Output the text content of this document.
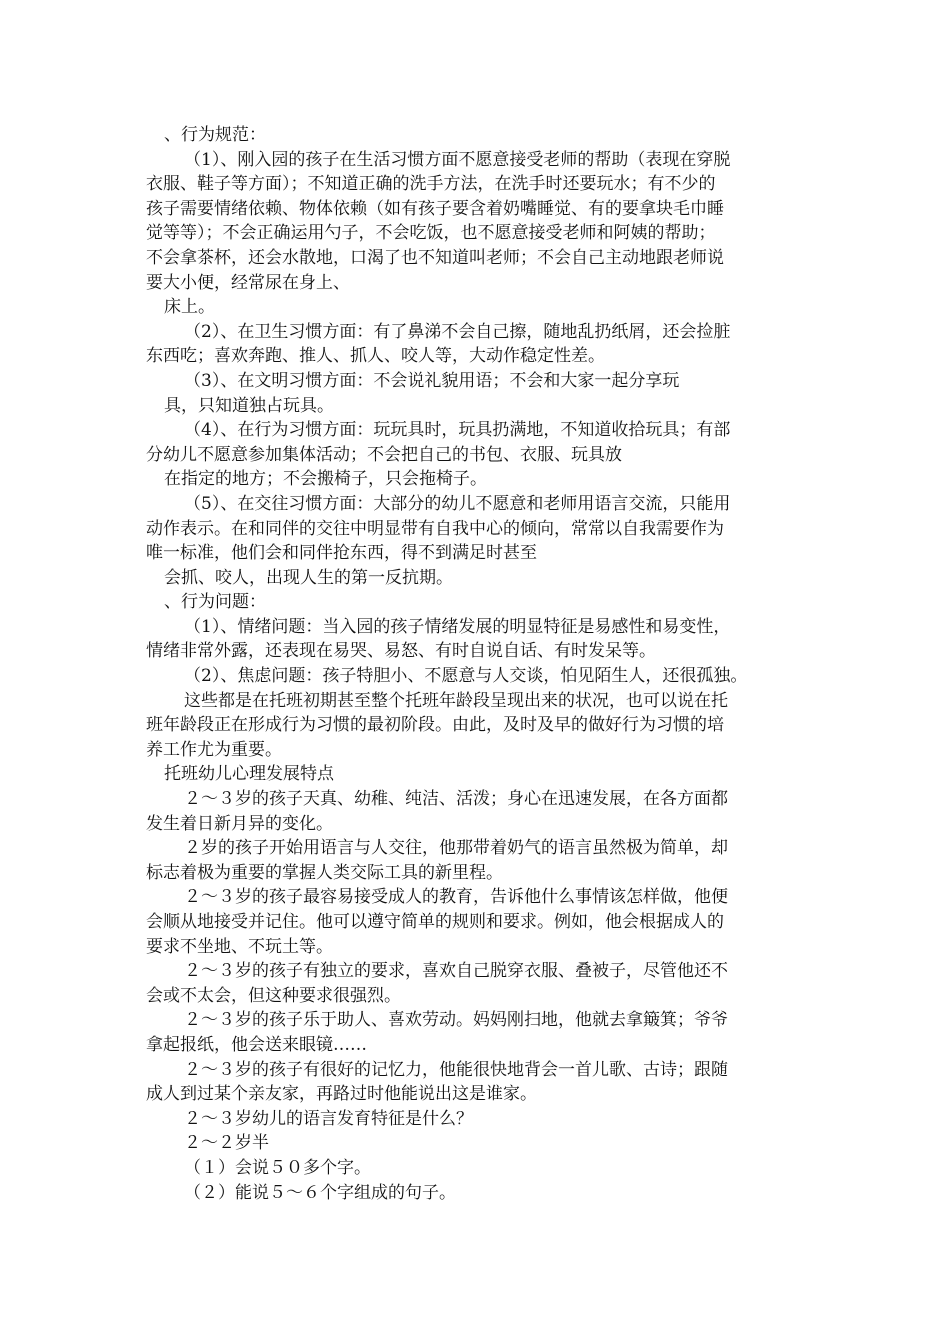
、行为规范：
（1）、刚入园的孩子在生活习惯方面不愿意接受老师的帮助（表现在穿脱
衣服、鞋子等方面）；不知道正确的洗手方法，在洗手时还要玩水；有不少的
孩子需要情绪依赖、物体依赖（如有孩子要含着奶嘴睡觉、有的要拿块毛巾睡
觉等等）；不会正确运用勺子，不会吃饭，也不愿意接受老师和阿姨的帮助；
不会拿茶杯，还会水散地，口渴了也不知道叫老师；不会自己主动地跟老师说
要大小便，经常尿在身上、
床上。
（2）、在卫生习惯方面：有了鼻涕不会自己擦，随地乱扔纸屑，还会捡脏
东西吃；喜欢奔跑、推人、抓人、咬人等，大动作稳定性差。
（3）、在文明习惯方面：不会说礼貌用语；不会和大家一起分享玩
具，只知道独占玩具。
（4）、在行为习惯方面：玩玩具时，玩具扔满地，不知道收拾玩具；有部
分幼儿不愿意参加集体活动；不会把自己的书包、衣服、玩具放
在指定的地方；不会搬椅子，只会拖椅子。
（5）、在交往习惯方面：大部分的幼儿不愿意和老师用语言交流，只能用
动作表示。在和同伴的交往中明显带有自我中心的倾向，常常以自我需要作为
唯一标准，他们会和同伴抢东西，得不到满足时甚至
会抓、咬人，出现人生的第一反抗期。
、行为问题：
（1）、情绪问题：当入园的孩子情绪发展的明显特征是易感性和易变性，
情绪非常外露，还表现在易哭、易怒、有时自说自话、有时发呆等。
（2）、焦虑问题：孩子特胆小、不愿意与人交谈，怕见陌生人，还很孤独。
这些都是在托班初期甚至整个托班年龄段呈现出来的状况，也可以说在托
班年龄段正在形成行为习惯的最初阶段。由此，及时及早的做好行为习惯的培
养工作尤为重要。
托班幼儿心理发展特点
２～３岁的孩子天真、幼稚、纯洁、活泼；身心在迅速发展，在各方面都
发生着日新月异的变化。
２岁的孩子开始用语言与人交往，他那带着奶气的语言虽然极为简单，却
标志着极为重要的掌握人类交际工具的新里程。
２～３岁的孩子最容易接受成人的教育，告诉他什么事情该怎样做，他便
会顺从地接受并记住。他可以遵守简单的规则和要求。例如，他会根据成人的
要求不坐地、不玩土等。
２～３岁的孩子有独立的要求，喜欢自己脱穿衣服、叠被子，尽管他还不
会或不太会，但这种要求很强烈。
２～３岁的孩子乐于助人、喜欢劳动。妈妈刚扫地，他就去拿簸箕；爷爷
拿起报纸，他会送来眼镜……
２～３岁的孩子有很好的记忆力，他能很快地背会一首儿歌、古诗；跟随
成人到过某个亲友家，再路过时他能说出这是谁家。
２～３岁幼儿的语言发育特征是什么？
２～２岁半
（１）会说５０多个字。
（２）能说５～６个字组成的句子。
